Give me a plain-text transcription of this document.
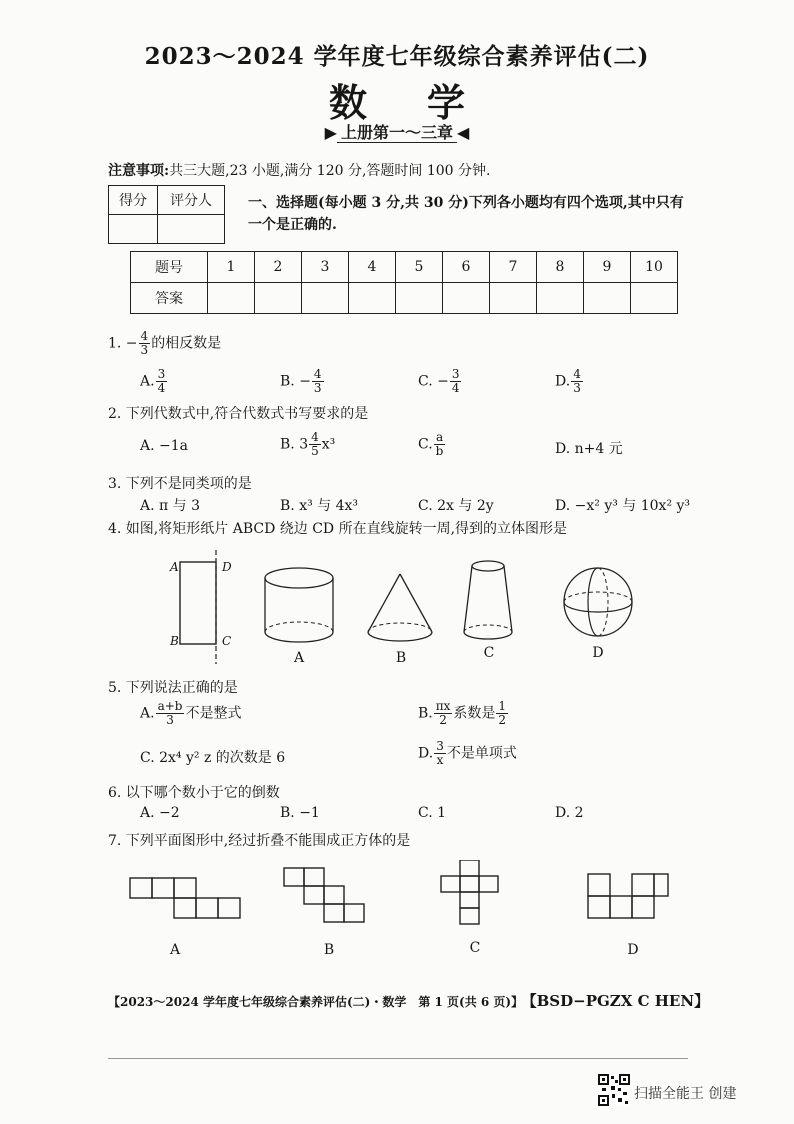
2023～2024 学年度七年级综合素养评估(二)
数学
▶ 上册第一～三章 ◀
注意事项:共三大题,23 小题,满分 120 分,答题时间 100 分钟.
得分	评分人
		一、选择题(每小题 3 分,共 30 分)下列各小题均有四个选项,其中只有一个是正确的.
题号	1	2	3	4	5	6	7	8	9	10
答案										
1. − $\frac{4}{3}$ 的相反数是
A. $\frac{3}{4}$	B. − $\frac{4}{3}$	C. − $\frac{3}{4}$	D. $\frac{4}{3}$
2. 下列代数式中,符合代数式书写要求的是
A. −1a	B. $3 \frac{4}{5} x^3$	C. $\frac{a}{b}$	D. n+4 元
3. 下列不是同类项的是
A. π 与 3	B. x³ 与 4x³	C. 2x 与 2y	D. −x² y³ 与 10x² y³
4. 如图,将矩形纸片 ABCD 绕边 CD 所在直线旋转一周,得到的立体图形是
A	D
B	C
A	B	C	D
5. 下列说法正确的是
A. $\frac{a+b}{3}$ 不是整式	B. $\frac{\pi x}{2}$ 系数是 $\frac{1}{2}$
C. 2x⁴ y² z 的次数是 6	D. $\frac{3}{x}$ 不是单项式
6. 以下哪个数小于它的倒数
A. −2	B. −1	C. 1	D. 2
7. 下列平面图形中,经过折叠不能围成正方体的是
A	B	C	D
【2023～2024 学年度七年级综合素养评估(二)・数学　第 1 页(共 6 页)】 【BSD−PGZX C HEN】
扫描全能王 创建
